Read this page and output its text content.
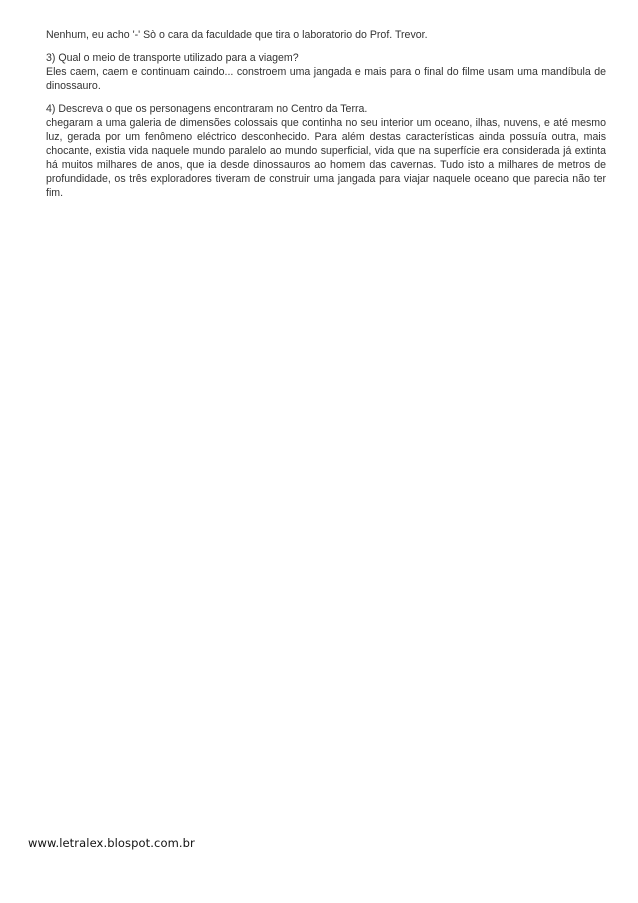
Nenhum, eu acho '-' Sò o cara da faculdade que tira o laboratorio do Prof. Trevor.

3) Qual o meio de transporte utilizado para a viagem?

Eles caem, caem e continuam caindo... constroem uma jangada e mais para o final do filme usam uma mandíbula de dinossauro.

4) Descreva o que os personagens encontraram no Centro da Terra.

chegaram a uma galeria de dimensões colossais que continha no seu interior um oceano, ilhas, nuvens, e até mesmo luz, gerada por um fenômeno eléctrico desconhecido. Para além destas características ainda possuía outra, mais chocante, existia vida naquele mundo paralelo ao mundo superficial, vida que na superfície era considerada já extinta há muitos milhares de anos, que ia desde dinossauros ao homem das cavernas. Tudo isto a milhares de metros de profundidade, os três exploradores tiveram de construir uma jangada para viajar naquele oceano que parecia não ter fim.

www.letralex.blospot.com.br
